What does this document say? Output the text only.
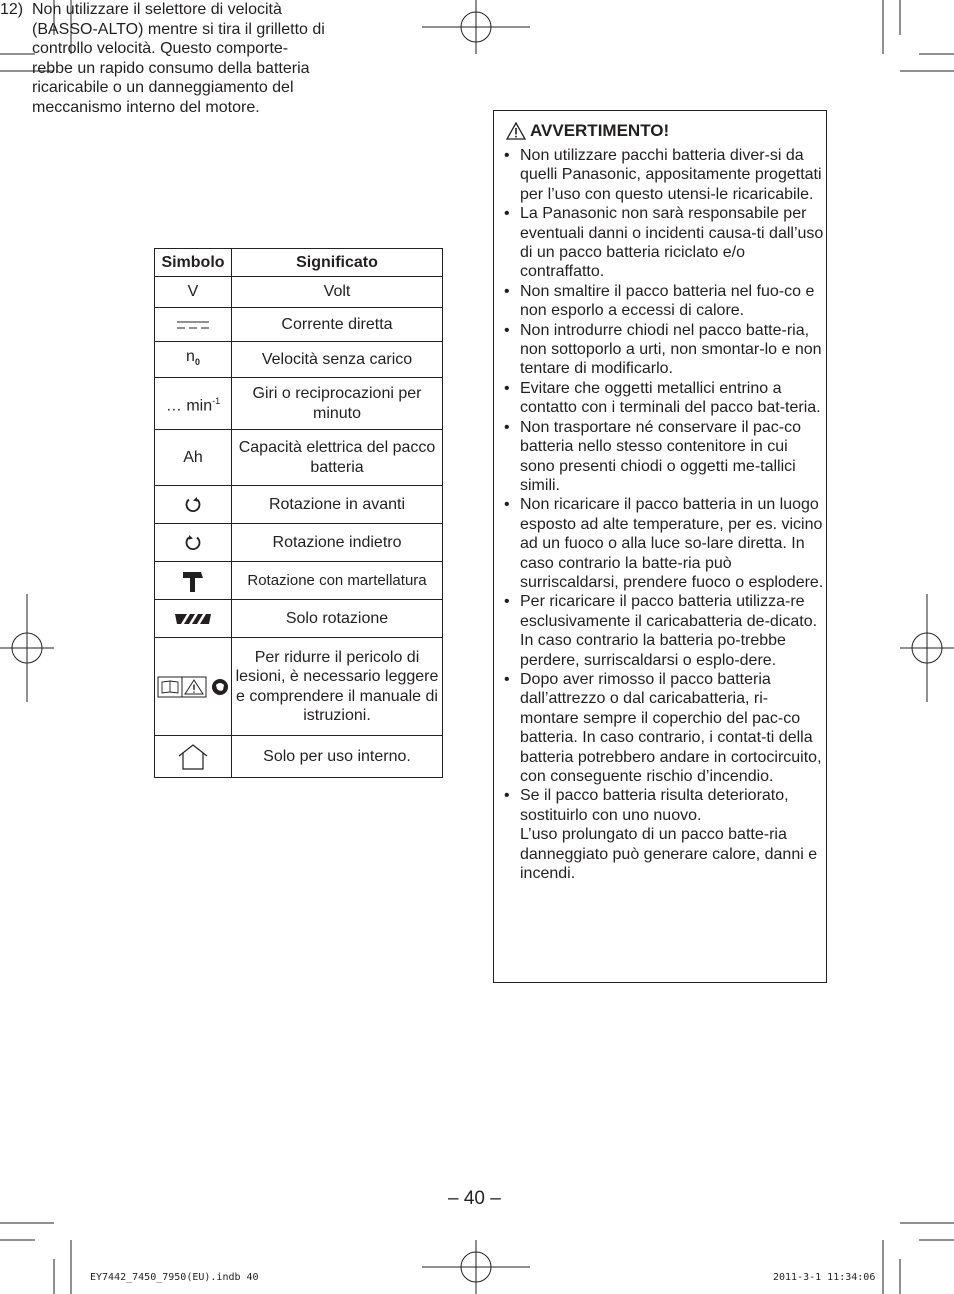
12) Non utilizzare il selettore di velocità (BASSO-ALTO) mentre si tira il grilletto di controllo velocità. Questo comporte-rebbe un rapido consumo della batteria ricaricabile o un danneggiamento del meccanismo interno del motore.
Simbolo	Significato
V	Volt
	Corrente diretta
$n_0$	Velocità senza carico
… $\min^{-1}$	Giri o reciprocazioni per minuto
Ah	Capacità elettrica del pacco batteria
	Rotazione in avanti
	Rotazione indietro
	Rotazione con martellatura
	Solo rotazione
	Per ridurre il pericolo di lesioni, è necessario leggere e comprendere il manuale di istruzioni.
	Solo per uso interno.
AVVERTIMENTO!
• Non utilizzare pacchi batteria diver-si da quelli Panasonic, appositamente progettati per l’uso con questo utensi-le ricaricabile.
• La Panasonic non sarà responsabile per eventuali danni o incidenti causa-ti dall’uso di un pacco batteria riciclato e/o contraffatto.
• Non smaltire il pacco batteria nel fuo-co e non esporlo a eccessi di calore.
• Non introdurre chiodi nel pacco batte-ria, non sottoporlo a urti, non smontar-lo e non tentare di modificarlo.
• Evitare che oggetti metallici entrino a contatto con i terminali del pacco bat-teria.
• Non trasportare né conservare il pac-co batteria nello stesso contenitore in cui sono presenti chiodi o oggetti me-tallici simili.
• Non ricaricare il pacco batteria in un luogo esposto ad alte temperature, per es. vicino ad un fuoco o alla luce so-lare diretta. In caso contrario la batte-ria può surriscaldarsi, prendere fuoco o esplodere.
• Per ricaricare il pacco batteria utilizza-re esclusivamente il caricabatteria de-dicato. In caso contrario la batteria po-trebbe perdere, surriscaldarsi o esplo-dere.
• Dopo aver rimosso il pacco batteria dall’attrezzo o dal caricabatteria, ri-montare sempre il coperchio del pac-co batteria. In caso contrario, i contat-ti della batteria potrebbero andare in cortocircuito, con conseguente rischio d’incendio.
• Se il pacco batteria risulta deteriorato, sostituirlo con uno nuovo.
L’uso prolungato di un pacco batte-ria danneggiato può generare calore, danni e incendi.
– 40 –
EY7442_7450_7950(EU).indb 40	2011-3-1 11:34:06
